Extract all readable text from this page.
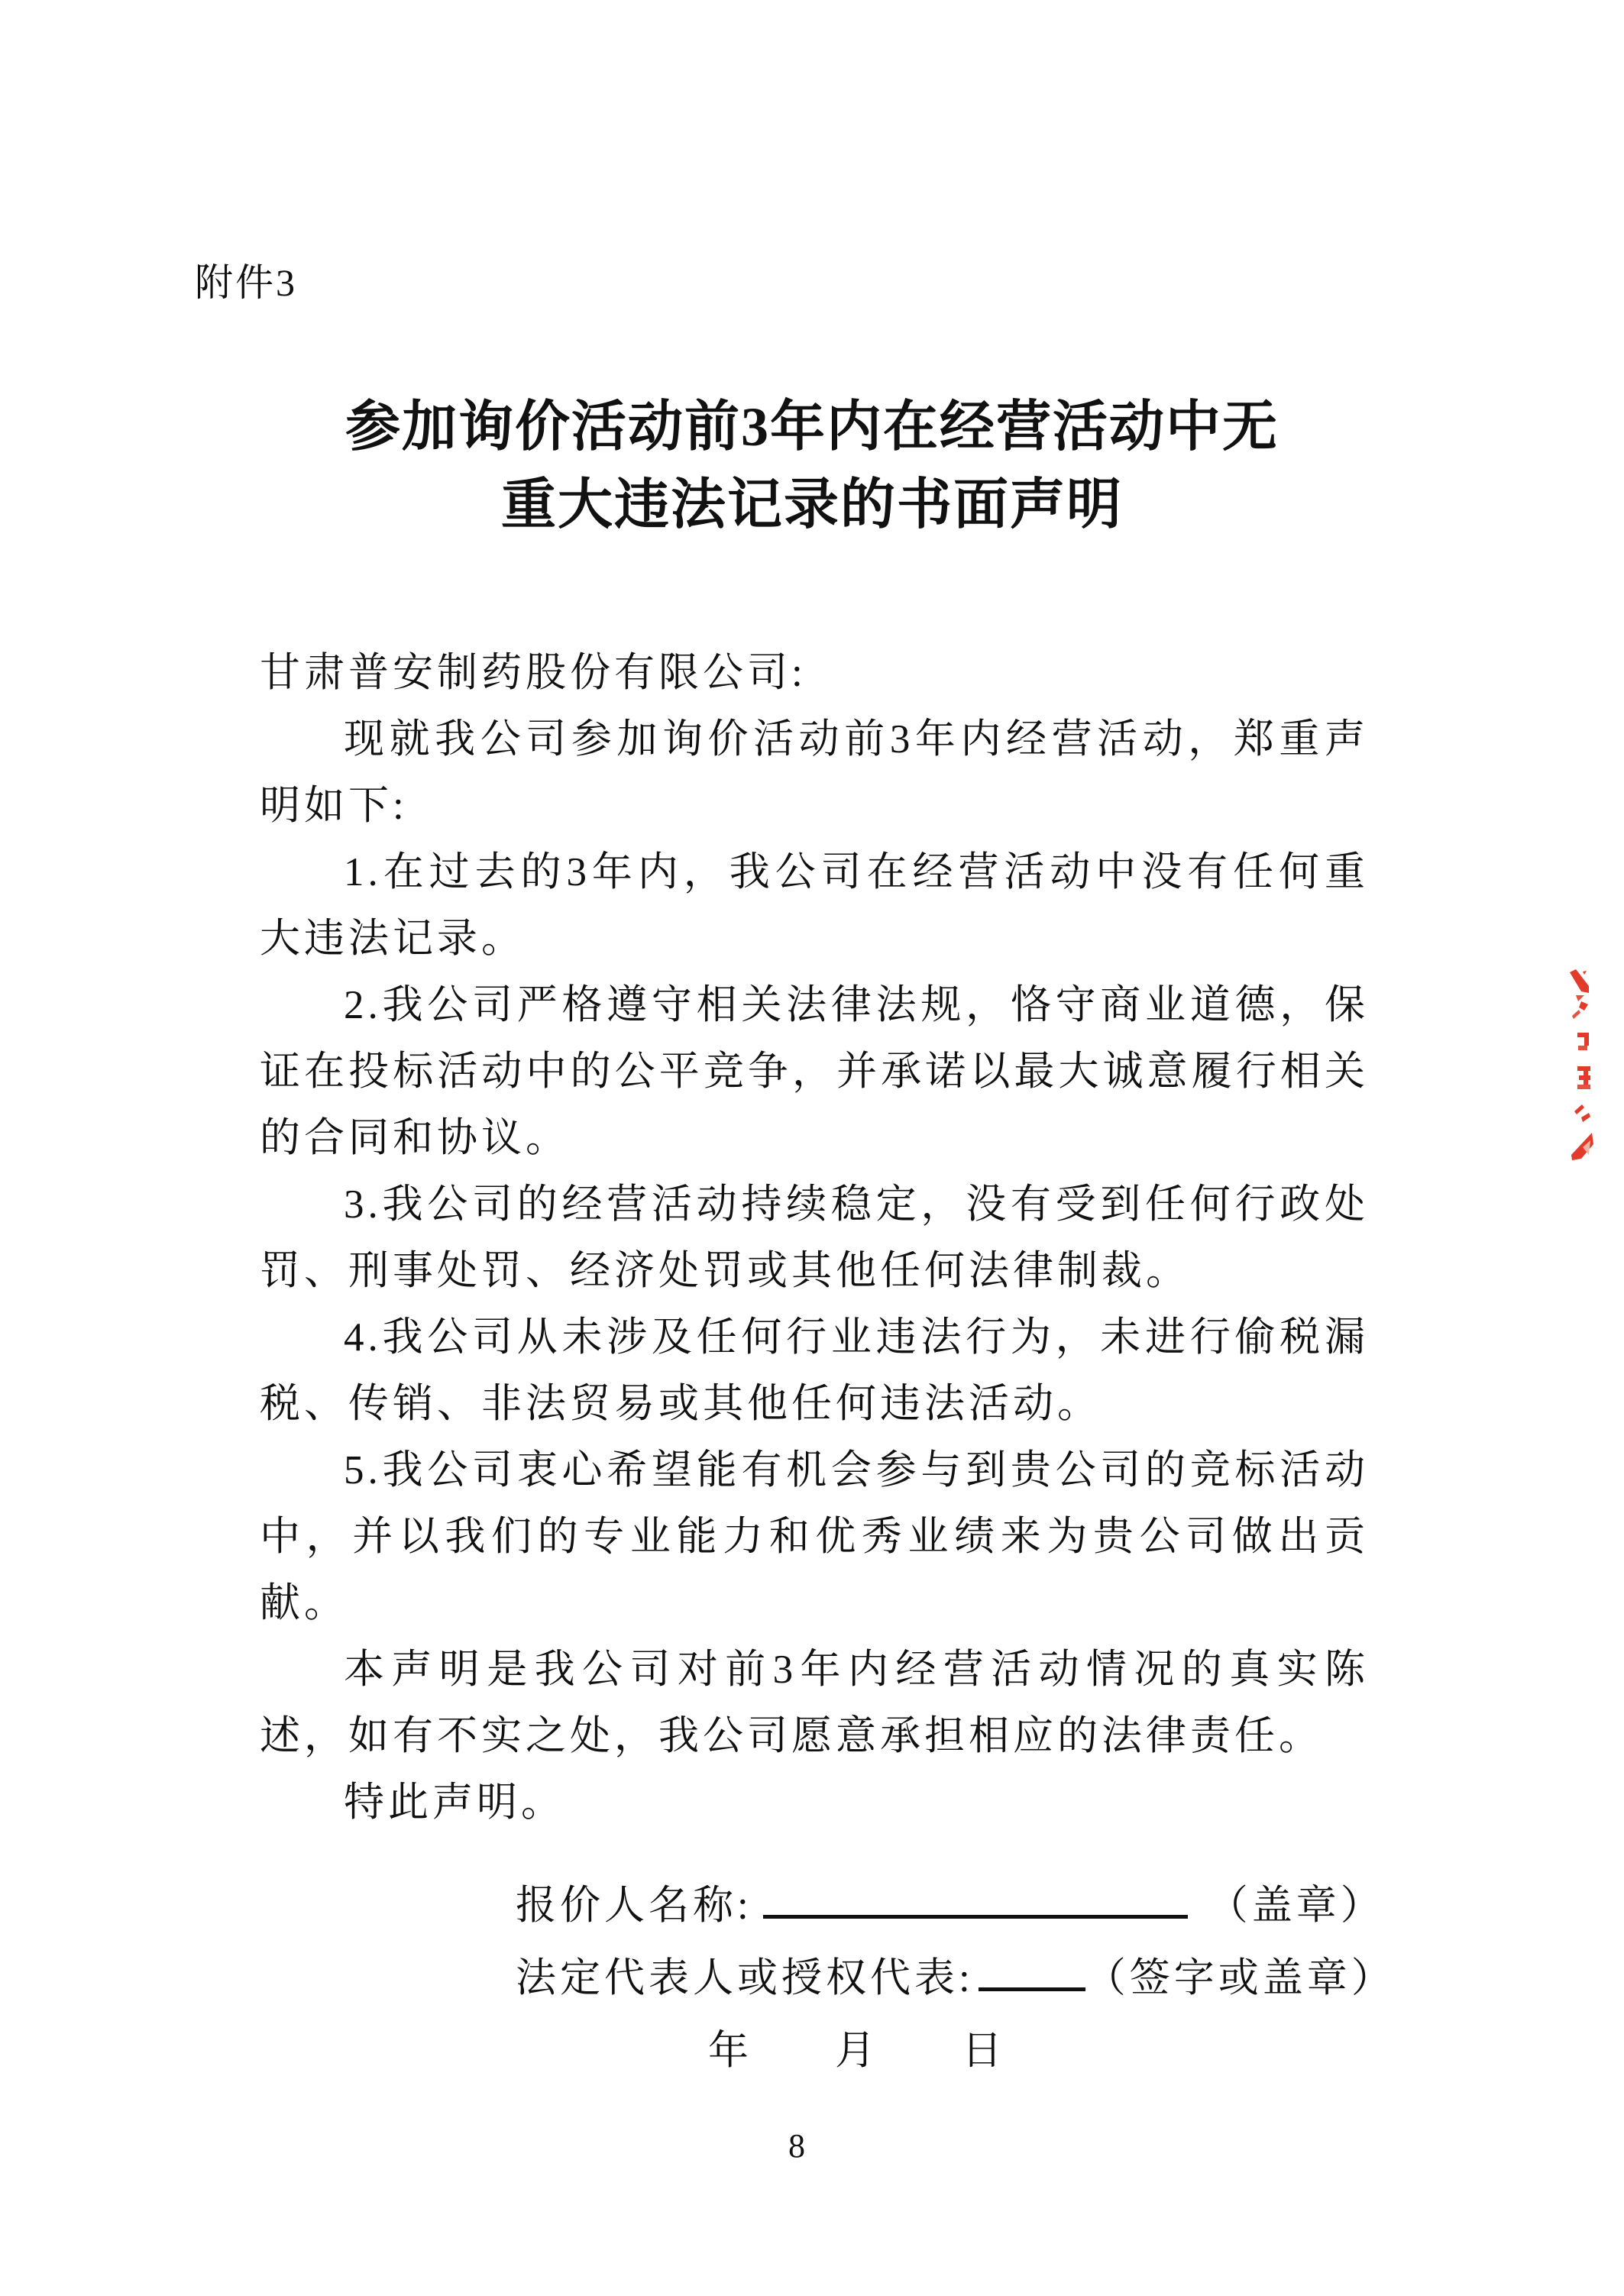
附件3
参加询价活动前3年内在经营活动中无
重大违法记录的书面声明

甘肃普安制药股份有限公司:

现就我公司参加询价活动前3年内经营活动，郑重声明如下:

1.在过去的3年内，我公司在经营活动中没有任何重大违法记录。

2.我公司严格遵守相关法律法规，恪守商业道德，保证在投标活动中的公平竞争，并承诺以最大诚意履行相关的合同和协议。

3.我公司的经营活动持续稳定，没有受到任何行政处罚、刑事处罚、经济处罚或其他任何法律制裁。

4.我公司从未涉及任何行业违法行为，未进行偷税漏税、传销、非法贸易或其他任何违法活动。

5.我公司衷心希望能有机会参与到贵公司的竞标活动中，并以我们的专业能力和优秀业绩来为贵公司做出贡献。

本声明是我公司对前3年内经营活动情况的真实陈述，如有不实之处，我公司愿意承担相应的法律责任。

特此声明。

报价人名称:	（盖章）
法定代表人或授权代表:	（签字或盖章）
年 月 日
8
